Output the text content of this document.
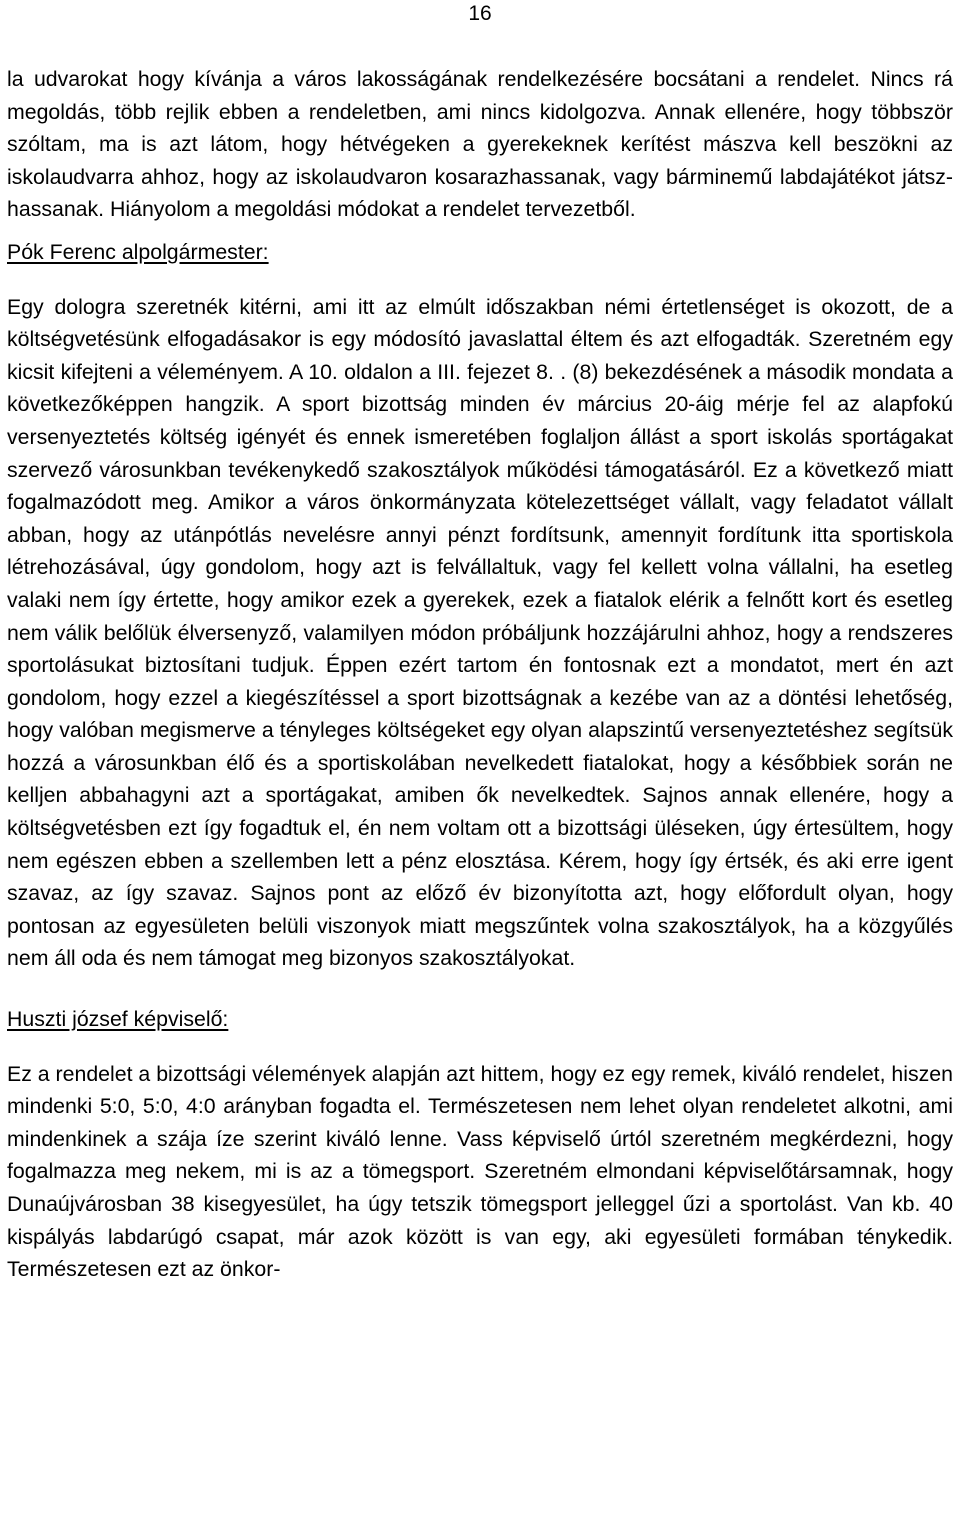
16

la udvarokat hogy kívánja a város lakosságának rendelkezésére bocsátani a rendelet. Nincs rá megoldás, több rejlik ebben a rendeletben, ami nincs kidolgozva. Annak ellenére, hogy többször szóltam, ma is azt látom, hogy hétvégeken a gyerekeknek kerítést mászva kell beszökni az iskolaudvarra ahhoz, hogy az iskolaudvaron kosarazhassanak, vagy bárminemű labdajátékot játszhassanak. Hiányolom a megoldási módokat a rendelet tervezetből.

Pók Ferenc alpolgármester:

Egy dologra szeretnék kitérni, ami itt az elmúlt időszakban némi értetlenséget is okozott, de a költségvetésünk elfogadásakor is egy módosító javaslattal éltem és azt elfogadták. Szeretném egy kicsit kifejteni a véleményem. A 10. oldalon a III. fejezet 8. . (8) bekezdésének a második mondata a következőképpen hangzik. A sport bizottság minden év március 20-áig mérje fel az alapfokú versenyeztetés költség igényét és ennek ismeretében foglaljon állást a sport iskolás sportágakat szervező városunkban tevékenykedő szakosztályok működési támogatásáról. Ez a következő miatt fogalmazódott meg. Amikor a város önkormányzata kötelezettséget vállalt, vagy feladatot vállalt abban, hogy az utánpótlás nevelésre annyi pénzt fordítsunk, amennyit fordítunk itta sportiskola létrehozásával, úgy gondolom, hogy azt is felvállaltuk, vagy fel kellett volna vállalni, ha esetleg valaki nem így értette, hogy amikor ezek a gyerekek, ezek a fiatalok elérik a felnőtt kort és esetleg nem válik belőlük élversenyző, valamilyen módon próbáljunk hozzájárulni ahhoz, hogy a rendszeres sportolásukat biztosítani tudjuk. Éppen ezért tartom én fontosnak ezt a mondatot, mert én azt gondolom, hogy ezzel a kiegészítéssel a sport bizottságnak a kezébe van az a döntési lehetőség, hogy valóban megismerve a tényleges költségeket egy olyan alapszintű versenyeztetéshez segítsük hozzá a városunkban élő és a sportiskolában nevelkedett fiatalokat, hogy a későbbiek során ne kelljen abbahagyni azt a sportágakat, amiben ők nevelkedtek. Sajnos annak ellenére, hogy a költségvetésben ezt így fogadtuk el, én nem voltam ott a bizottsági üléseken, úgy értesültem, hogy nem egészen ebben a szellemben lett a pénz elosztása. Kérem, hogy így értsék, és aki erre igent szavaz, az így szavaz. Sajnos pont az előző év bizonyította azt, hogy előfordult olyan, hogy pontosan az egyesületen belüli viszonyok miatt megszűntek volna szakosztályok, ha a közgyűlés nem áll oda és nem támogat meg bizonyos szakosztályokat.

Huszti józsef képviselő:

Ez a rendelet a bizottsági vélemények alapján azt hittem, hogy ez egy remek, kiváló rendelet, hiszen mindenki 5:0, 5:0, 4:0 arányban fogadta el. Természetesen nem lehet olyan rendeletet alkotni, ami mindenkinek a szája íze szerint kiváló lenne. Vass képviselő úrtól szeretném megkérdezni, hogy fogalmazza meg nekem, mi is az a tömegsport. Szeretném elmondani képviselőtársamnak, hogy Dunaújvárosban 38 kisegyesület, ha úgy tetszik tömegsport jelleggel űzi a sportolást. Van kb. 40 kispályás labdarúgó csapat, már azok között is van egy, aki egyesületi formában ténykedik. Természetesen ezt az önkor-
